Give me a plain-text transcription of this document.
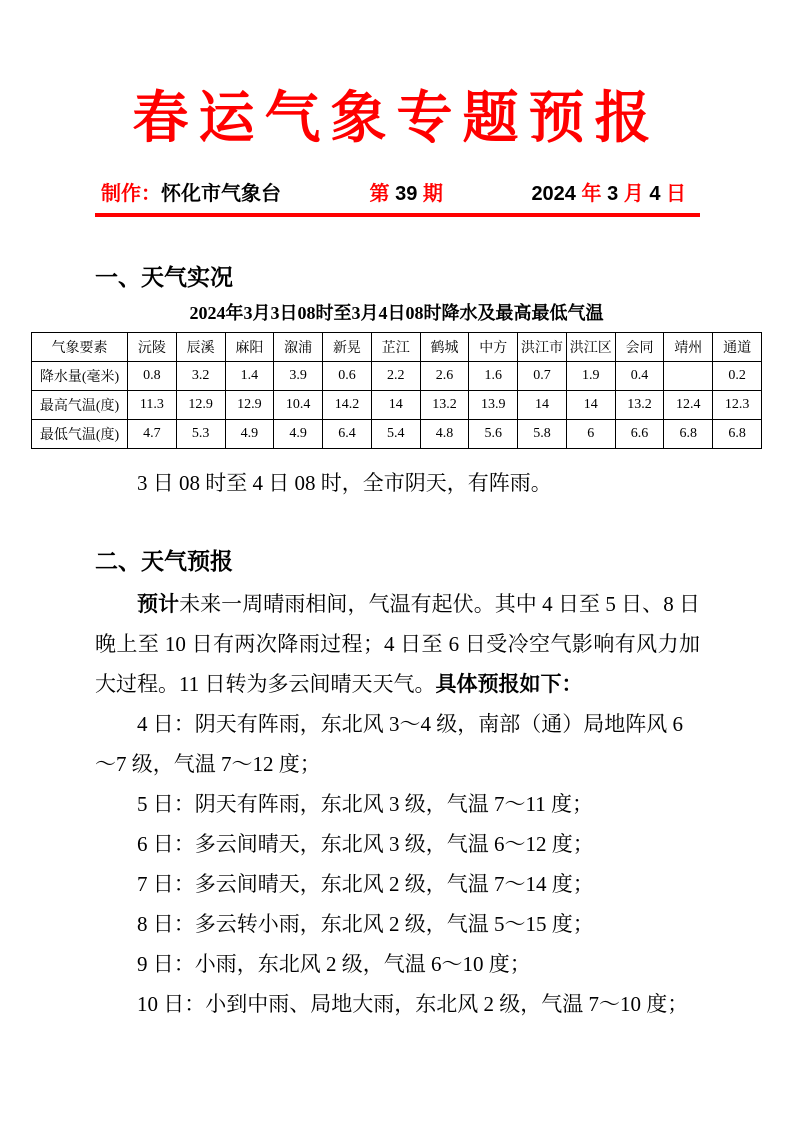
春运气象专题预报
制作：怀化市气象台	第 39 期	2024 年 3 月 4 日
一、天气实况

2024年3月3日08时至3月4日08时降水及最高最低气温

气象要素	沅陵	辰溪	麻阳	溆浦	新晃	芷江	鹤城	中方	洪江市	洪江区	会同	靖州	通道
降水量(毫米)	0.8	3.2	1.4	3.9	0.6	2.2	2.6	1.6	0.7	1.9	0.4		0.2
最高气温(度)	11.3	12.9	12.9	10.4	14.2	14	13.2	13.9	14	14	13.2	12.4	12.3
最低气温(度)	4.7	5.3	4.9	4.9	6.4	5.4	4.8	5.6	5.8	6	6.6	6.8	6.8

3 日 08 时至 4 日 08 时，全市阴天，有阵雨。

二、天气预报

预计未来一周晴雨相间，气温有起伏。其中 4 日至 5 日、8 日晚上至 10 日有两次降雨过程；4 日至 6 日受冷空气影响有风力加大过程。11 日转为多云间晴天天气。具体预报如下：

4 日：阴天有阵雨，东北风 3～4 级，南部（通）局地阵风 6～7 级，气温 7～12 度；

5 日：阴天有阵雨，东北风 3 级，气温 7～11 度；

6 日：多云间晴天，东北风 3 级，气温 6～12 度；

7 日：多云间晴天，东北风 2 级，气温 7～14 度；

8 日：多云转小雨，东北风 2 级，气温 5～15 度；

9 日：小雨，东北风 2 级，气温 6～10 度；

10 日：小到中雨、局地大雨，东北风 2 级，气温 7～10 度；
